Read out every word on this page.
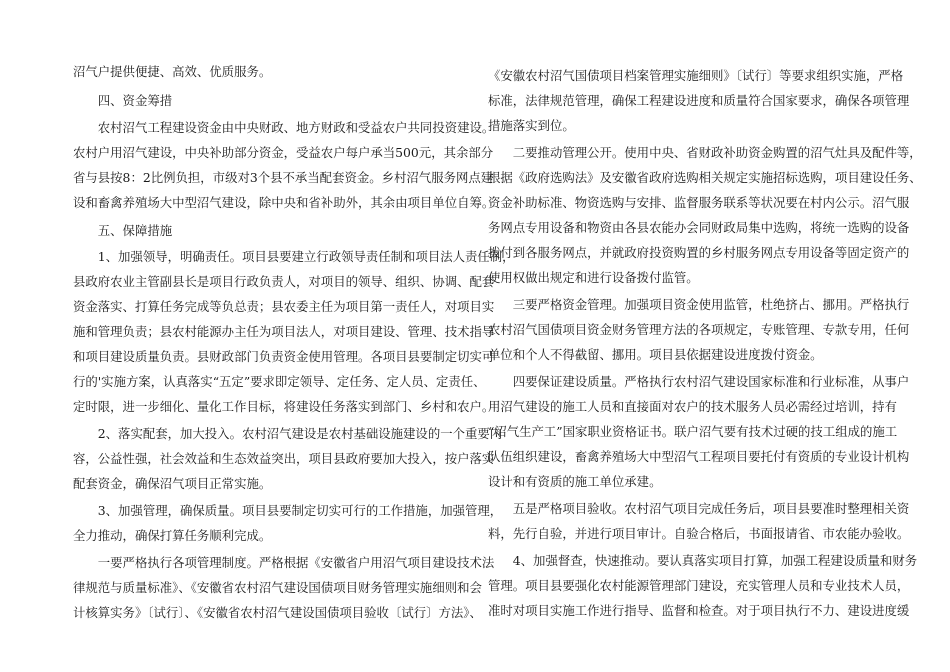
沼气户提供便捷、高效、优质服务。
　　四、资金筹措
　　农村沼气工程建设资金由中央财政、地方财政和受益农户共同投资建设。
农村户用沼气建设，中央补助部分资金，受益农户每户承当500元，其余部分
省与县按8：2比例负担，市级对3个县不承当配套资金。乡村沼气服务网点建
设和畜禽养殖场大中型沼气建设，除中央和省补助外，其余由项目单位自筹。
　　五、保障措施
　　1、加强领导，明确责任。项目县要建立行政领导责任制和项目法人责任制，
县政府农业主管副县长是项目行政负责人，对项目的领导、组织、协调、配套
资金落实、打算任务完成等负总责；县农委主任为项目第一责任人，对项目实
施和管理负责；县农村能源办主任为项目法人，对项目建设、管理、技术指导
和项目建设质量负责。县财政部门负责资金使用管理。各项目县要制定切实可
行的'实施方案，认真落实“五定”要求即定领导、定任务、定人员、定责任、
定时限，进一步细化、量化工作目标，将建设任务落实到部门、乡村和农户。
　　2、落实配套，加大投入。农村沼气建设是农村基础设施建设的一个重要内
容，公益性强，社会效益和生态效益突出，项目县政府要加大投入，按户落实
配套资金，确保沼气项目正常实施。
　　3、加强管理，确保质量。项目县要制定切实可行的工作措施，加强管理，
全力推动，确保打算任务顺利完成。
　　一要严格执行各项管理制度。严格根据《安徽省户用沼气项目建设技术法
律规范与质量标准》、《安徽省农村沼气建设国债项目财务管理实施细则和会
计核算实务》〔试行〕、《安徽省农村沼气建设国债项目验收〔试行〕方法》、
《安徽农村沼气国债项目档案管理实施细则》〔试行〕等要求组织实施，严格
标准，法律规范管理，确保工程建设进度和质量符合国家要求，确保各项管理
措施落实到位。
　　二要推动管理公开。使用中央、省财政补助资金购置的沼气灶具及配件等，
根据《政府选购法》及安徽省政府选购相关规定实施招标选购，项目建设任务、
资金补助标准、物资选购与安排、监督服务联系等状况要在村内公示。沼气服
务网点专用设备和物资由各县农能办会同财政局集中选购，将统一选购的设备
拨付到各服务网点，并就政府投资购置的乡村服务网点专用设备等固定资产的
使用权做出规定和进行设备拨付监管。
　　三要严格资金管理。加强项目资金使用监管，杜绝挤占、挪用。严格执行
农村沼气国债项目资金财务管理方法的各项规定，专账管理、专款专用，任何
单位和个人不得截留、挪用。项目县依据建设进度拨付资金。
　　四要保证建设质量。严格执行农村沼气建设国家标准和行业标准，从事户
用沼气建设的施工人员和直接面对农户的技术服务人员必需经过培训，持有
“沼气生产工”国家职业资格证书。联户沼气要有技术过硬的技工组成的施工
队伍组织建设，畜禽养殖场大中型沼气工程项目要托付有资质的专业设计机构
设计和有资质的施工单位承建。
　　五是严格项目验收。农村沼气项目完成任务后，项目县要准时整理相关资
料，先行自验，并进行项目审计。自验合格后，书面报请省、市农能办验收。
　　4、加强督查，快速推动。要认真落实项目打算，加强工程建设质量和财务
管理。项目县要强化农村能源管理部门建设，充实管理人员和专业技术人员，
准时对项目实施工作进行指导、监督和检查。对于项目执行不力、建设进度缓
